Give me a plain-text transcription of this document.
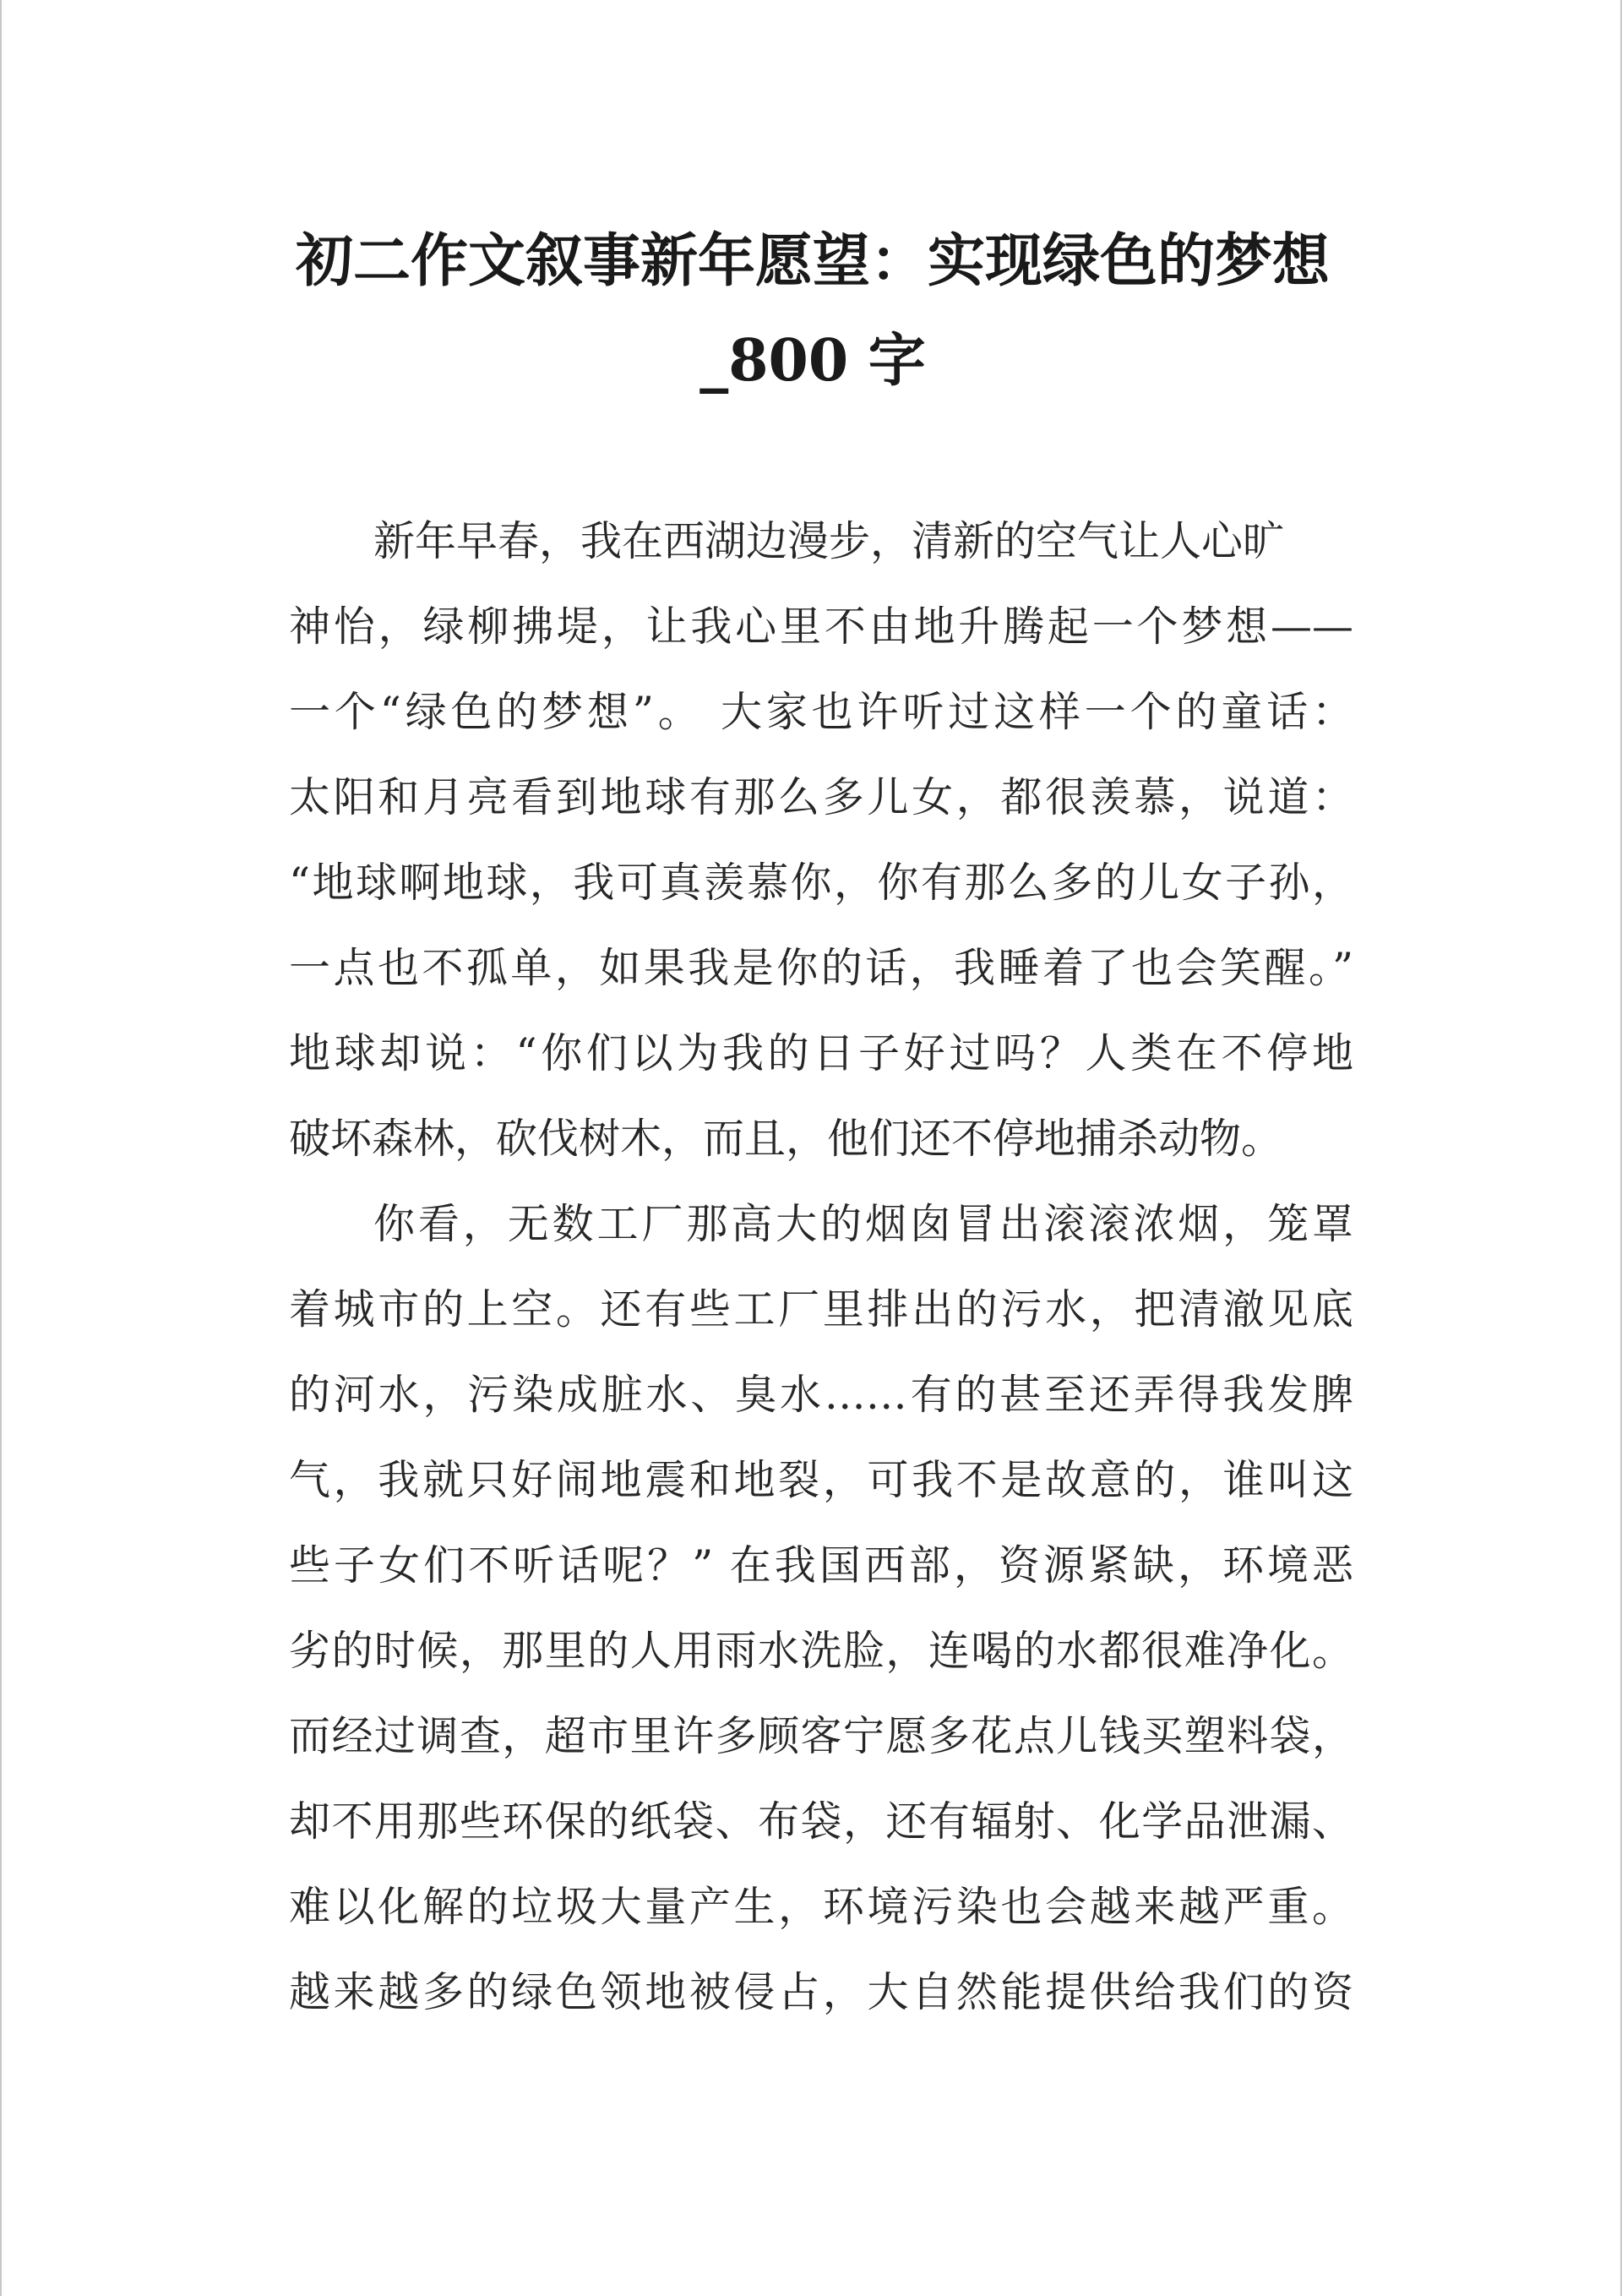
初二作文叙事新年愿望：实现绿色的梦想
_800 字
新年早春，我在西湖边漫步，清新的空气让人心旷
神怡，绿柳拂堤，让我心里不由地升腾起一个梦想——
一个“绿色的梦想”。 大家也许听过这样一个的童话：
太阳和月亮看到地球有那么多儿女，都很羡慕，说道：
“地球啊地球，我可真羡慕你，你有那么多的儿女子孙，
一点也不孤单，如果我是你的话，我睡着了也会笑醒。”
地球却说：“你们以为我的日子好过吗？人类在不停地
破坏森林，砍伐树木，而且，他们还不停地捕杀动物。
你看，无数工厂那高大的烟囱冒出滚滚浓烟，笼罩
着城市的上空。还有些工厂里排出的污水，把清澈见底
的河水，污染成脏水、臭水……有的甚至还弄得我发脾
气，我就只好闹地震和地裂，可我不是故意的，谁叫这
些子女们不听话呢？” 在我国西部，资源紧缺，环境恶
劣的时候，那里的人用雨水洗脸，连喝的水都很难净化。
而经过调查，超市里许多顾客宁愿多花点儿钱买塑料袋，
却不用那些环保的纸袋、布袋，还有辐射、化学品泄漏、
难以化解的垃圾大量产生，环境污染也会越来越严重。
越来越多的绿色领地被侵占，大自然能提供给我们的资
